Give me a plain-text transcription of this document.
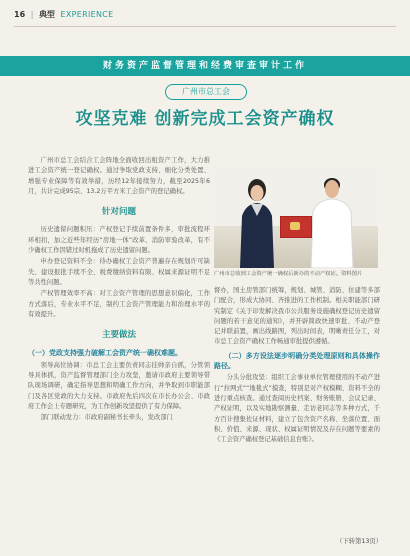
16 | 典型 EXPERIENCE
财务资产监督管理和经费审查审计工作
广州市总工会
攻坚克难 创新完成工会资产确权

广州市总工会结合工会阵地全面收回出租资产工作，大力推进工会资产统一登记确权。通过争取党政支持、细化分类处置、增强专业保障等有效举措，历经12年接续努力，截至2025年6月，共计完成95宗、13.2万平方米工会资产的登记确权。

针对问题

历史遗留问题积压：产权登记手续前置条件多，审批流程环环相扣，加之近些年经历“房地一体”改革、消防审验改革，有不少确权工作因错过时机拖成了历史遗留问题。

申办登记资料不全：待办确权工会资产普遍存在规划许可缺失、建设报批手续不全、税费缴纳资料有限、权属来源证明不足等共性问题。

产权管理效率不高：对工会资产管理的思想意识偏化，工作方式落后，专业水平不足，制约工会资产管理能力和治理水平的有效提升。

主要做法
（一）党政支持强力破解工会资产统一确权难题。

领导高位协调：市总工会主要负责同志挂帅亲自抓，分管领导具体抓，资产监督管理部门全力攻坚，邀请市政府主要领导带队现场调研，确定指导思想和明确工作方向，并争取到市职能部门及各区党政的大力支持。市政府先后四次在市长办公会、市政府工作会上专题研究，为工作创新攻坚提供了有力保障。

部门联动发力：市政府副秘书长牵头，发改部门

广州市总收到工会资产统一确权后新办的不动产权证。资料图片

督办，国土房管部门统筹，规划、城管、消防、住建等多部门配合，形成大协同、齐推进的工作机制。相关职能部门研究制定《关于印发解决我市公共服务设施确权登记历史遗留问题的若干意见的通知》，并开辟简政快速审批、不动产登记并联前置，画出线路图，列出时间表，明晰责任分工，对市总工会资产确权工作畅通审批提供遵循。

（二）多方设法逐步明确分类处理原则和具体操作路径。

分头分批攻坚：组织工会事业单位管理使用的不动产进行“拉网式”“地毯式”摸查，特别是对产权模糊、资料不全的进行重点核查。通过查阅历史档案、财务账册、会议记录、产权证明，以及实地勘察测量、走访老同志等多种方式，千方百计搜集佐证材料，建立了包含资产名称、坐落位置、面积、价值、来源、现状、权属证明情况及存在问题等要素的《工会资产确权登记基础信息台账》。

（下转第13页）
